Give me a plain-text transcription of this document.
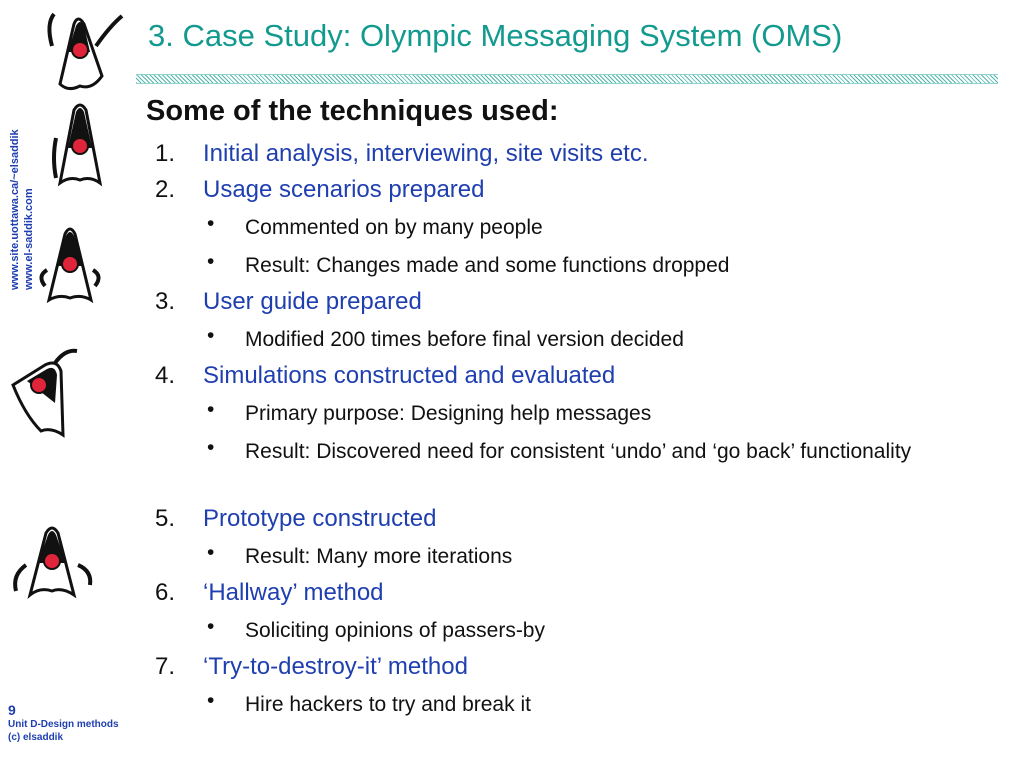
3. Case Study: Olympic Messaging System (OMS)
www.site.uottawa.ca/~elsaddik www.el-saddik.com
Some of the techniques used:
1.	Initial analysis, interviewing, site visits etc.
2.	Usage scenarios prepared
• Commented on by many people
• Result: Changes made and some functions dropped
3.	User guide prepared
• Modified 200 times before final version decided
4.	Simulations constructed and evaluated
• Primary purpose: Designing help messages
• Result: Discovered need for consistent ‘undo’ and ‘go back’ functionality
5.	Prototype constructed
• Result: Many more iterations
6.	‘Hallway’ method
• Soliciting opinions of passers-by
7.	‘Try-to-destroy-it’ method
• Hire hackers to try and break it
9
Unit D-Design methods
(c) elsaddik
